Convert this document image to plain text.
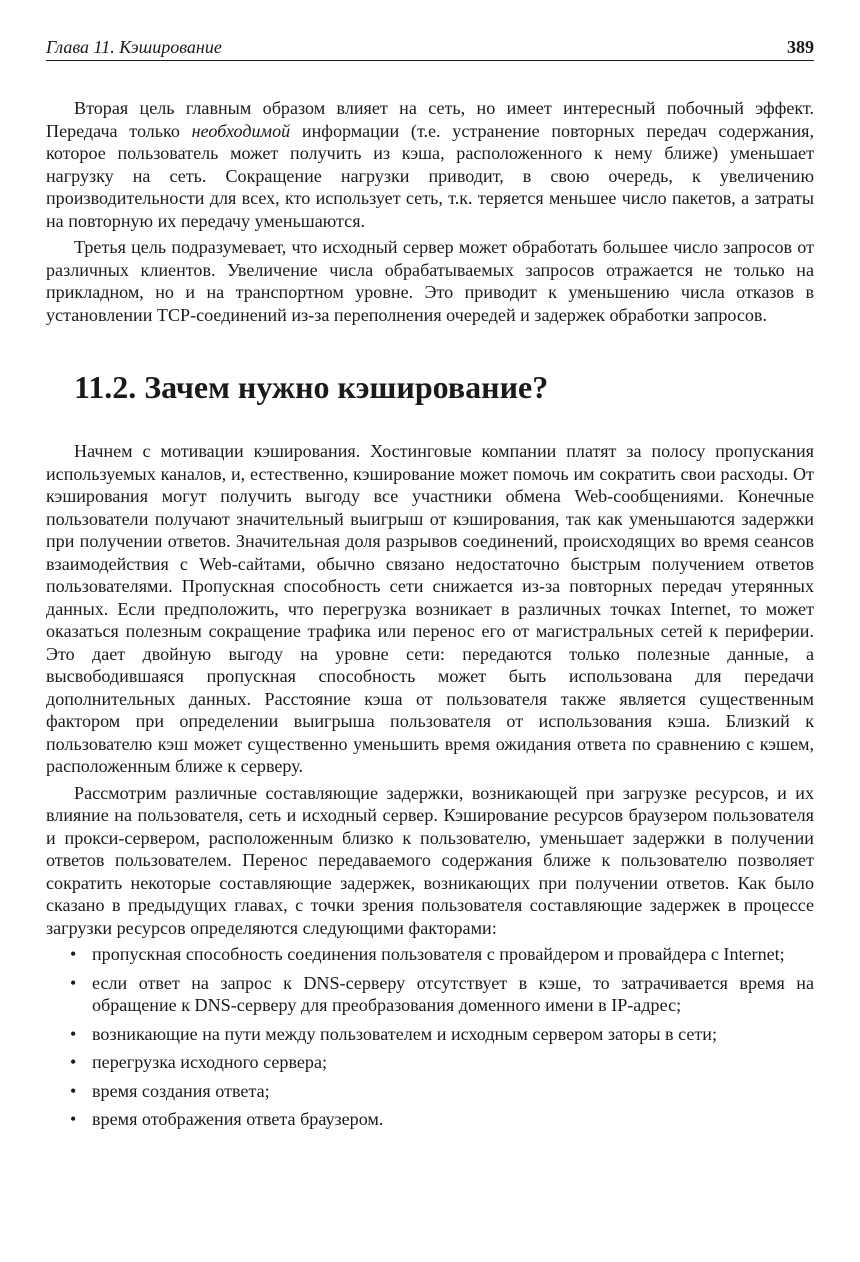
Глава 11. Кэширование	389

Вторая цель главным образом влияет на сеть, но имеет интересный побочный эффект. Передача только необходимой информации (т.е. устранение повторных передач содержания, которое пользователь может получить из кэша, расположенного к нему ближе) уменьшает нагрузку на сеть. Сокращение нагрузки приводит, в свою очередь, к увеличению производительности для всех, кто использует сеть, т.к. теряется меньшее число пакетов, а затраты на повторную их передачу уменьшаются.

Третья цель подразумевает, что исходный сервер может обработать большее число запросов от различных клиентов. Увеличение числа обрабатываемых запросов отражается не только на прикладном, но и на транспортном уровне. Это приводит к уменьшению числа отказов в установлении TCP-соединений из-за переполнения очередей и задержек обработки запросов.

11.2. Зачем нужно кэширование?

Начнем с мотивации кэширования. Хостинговые компании платят за полосу пропускания используемых каналов, и, естественно, кэширование может помочь им сократить свои расходы. От кэширования могут получить выгоду все участники обмена Web-сообщениями. Конечные пользователи получают значительный выигрыш от кэширования, так как уменьшаются задержки при получении ответов. Значительная доля разрывов соединений, происходящих во время сеансов взаимодействия с Web-сайтами, обычно связано недостаточно быстрым получением ответов пользователями. Пропускная способность сети снижается из-за повторных передач утерянных данных. Если предположить, что перегрузка возникает в различных точках Internet, то может оказаться полезным сокращение трафика или перенос его от магистральных сетей к периферии. Это дает двойную выгоду на уровне сети: передаются только полезные данные, а высвободившаяся пропускная способность может быть использована для передачи дополнительных данных. Расстояние кэша от пользователя также является существенным фактором при определении выигрыша пользователя от использования кэша. Близкий к пользователю кэш может существенно уменьшить время ожидания ответа по сравнению с кэшем, расположенным ближе к серверу.

Рассмотрим различные составляющие задержки, возникающей при загрузке ресурсов, и их влияние на пользователя, сеть и исходный сервер. Кэширование ресурсов браузером пользователя и прокси-сервером, расположенным близко к пользователю, уменьшает задержки в получении ответов пользователем. Перенос передаваемого содержания ближе к пользователю позволяет сократить некоторые составляющие задержек, возникающих при получении ответов. Как было сказано в предыдущих главах, с точки зрения пользователя составляющие задержек в процессе загрузки ресурсов определяются следующими факторами:

• пропускная способность соединения пользователя с провайдером и провайдера с Internet;
• если ответ на запрос к DNS-серверу отсутствует в кэше, то затрачивается время на обращение к DNS-серверу для преобразования доменного имени в IP-адрес;
• возникающие на пути между пользователем и исходным сервером заторы в сети;
• перегрузка исходного сервера;
• время создания ответа;
• время отображения ответа браузером.
